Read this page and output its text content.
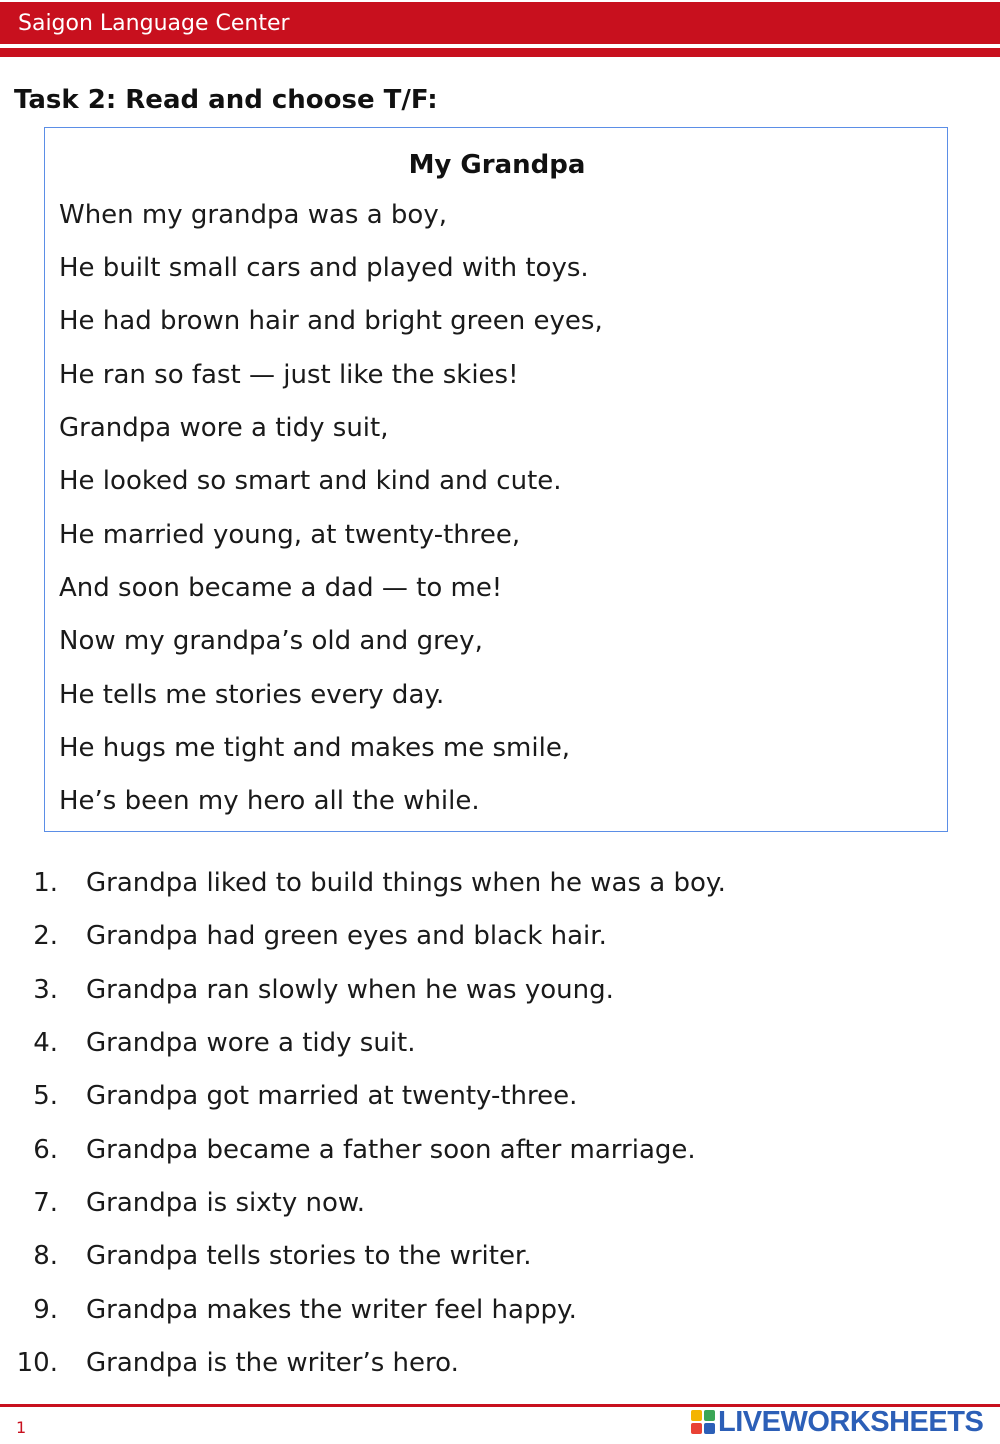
Saigon Language Center
Task 2: Read and choose T/F:
My Grandpa
When my grandpa was a boy,
He built small cars and played with toys.
He had brown hair and bright green eyes,
He ran so fast — just like the skies!
Grandpa wore a tidy suit,
He looked so smart and kind and cute.
He married young, at twenty-three,
And soon became a dad — to me!
Now my grandpa’s old and grey,
He tells me stories every day.
He hugs me tight and makes me smile,
He’s been my hero all the while.
1. Grandpa liked to build things when he was a boy.
2. Grandpa had green eyes and black hair.
3. Grandpa ran slowly when he was young.
4. Grandpa wore a tidy suit.
5. Grandpa got married at twenty-three.
6. Grandpa became a father soon after marriage.
7. Grandpa is sixty now.
8. Grandpa tells stories to the writer.
9. Grandpa makes the writer feel happy.
10. Grandpa is the writer’s hero.
1	LIVEWORKSHEETS
